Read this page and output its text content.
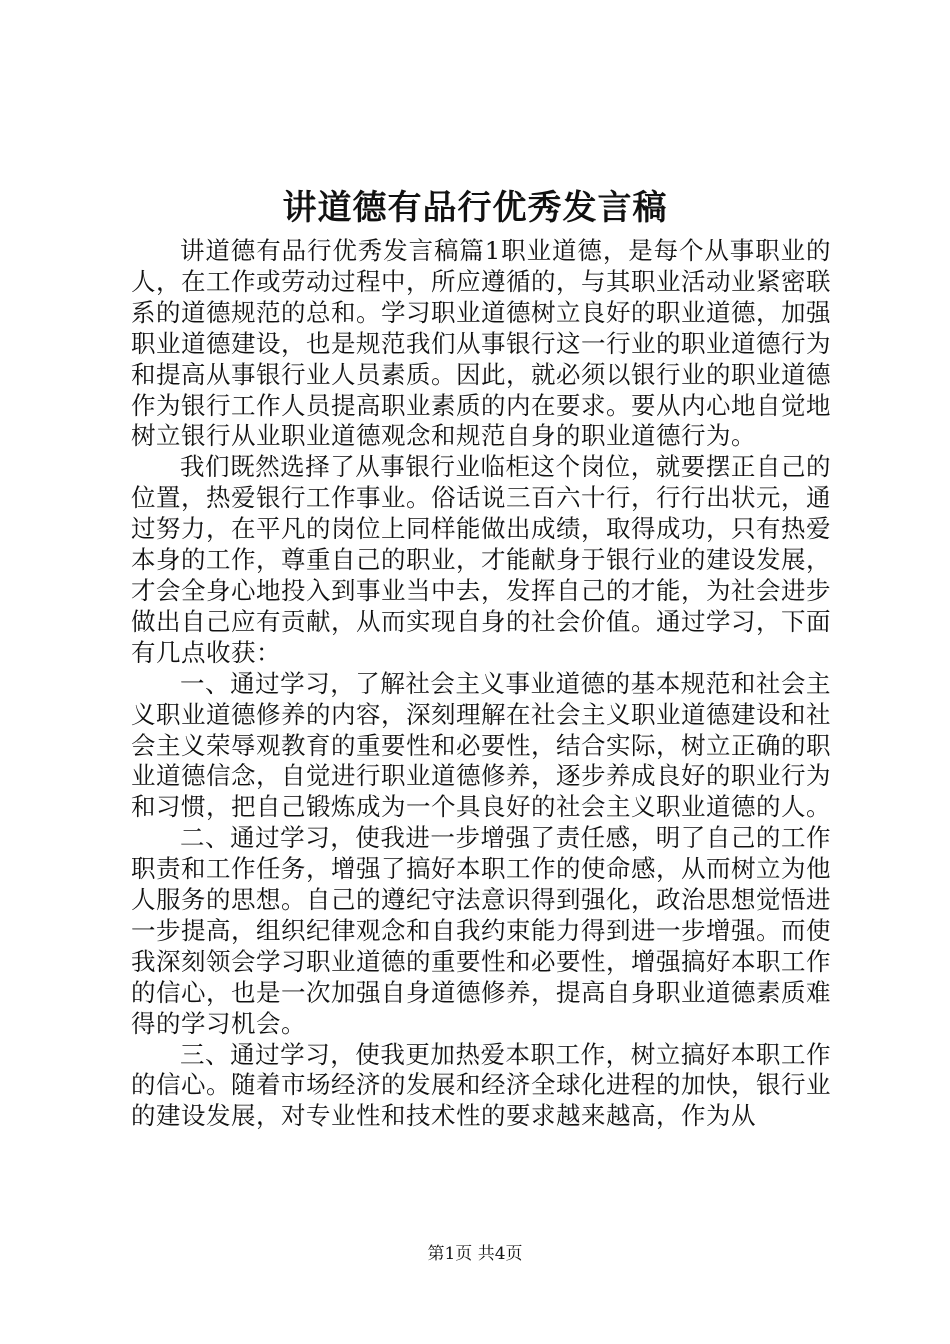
讲道德有品行优秀发言稿

讲道德有品行优秀发言稿篇1职业道德，是每个从事职业的人，在工作或劳动过程中，所应遵循的，与其职业活动业紧密联系的道德规范的总和。学习职业道德树立良好的职业道德，加强职业道德建设，也是规范我们从事银行这一行业的职业道德行为和提高从事银行业人员素质。因此，就必须以银行业的职业道德作为银行工作人员提高职业素质的内在要求。要从内心地自觉地树立银行从业职业道德观念和规范自身的职业道德行为。

我们既然选择了从事银行业临柜这个岗位，就要摆正自己的位置，热爱银行工作事业。俗话说三百六十行，行行出状元，通过努力，在平凡的岗位上同样能做出成绩，取得成功，只有热爱本身的工作，尊重自己的职业，才能献身于银行业的建设发展，才会全身心地投入到事业当中去，发挥自己的才能，为社会进步做出自己应有贡献，从而实现自身的社会价值。通过学习，下面有几点收获：

一、通过学习，了解社会主义事业道德的基本规范和社会主义职业道德修养的内容，深刻理解在社会主义职业道德建设和社会主义荣辱观教育的重要性和必要性，结合实际，树立正确的职业道德信念，自觉进行职业道德修养，逐步养成良好的职业行为和习惯，把自己锻炼成为一个具良好的社会主义职业道德的人。

二、通过学习，使我进一步增强了责任感，明了自己的工作职责和工作任务，增强了搞好本职工作的使命感，从而树立为他人服务的思想。自己的遵纪守法意识得到强化，政治思想觉悟进一步提高，组织纪律观念和自我约束能力得到进一步增强。而使我深刻领会学习职业道德的重要性和必要性，增强搞好本职工作的信心，也是一次加强自身道德修养，提高自身职业道德素质难得的学习机会。

三、通过学习，使我更加热爱本职工作，树立搞好本职工作的信心。随着市场经济的发展和经济全球化进程的加快，银行业的建设发展，对专业性和技术性的要求越来越高，作为从

第1页 共4页
